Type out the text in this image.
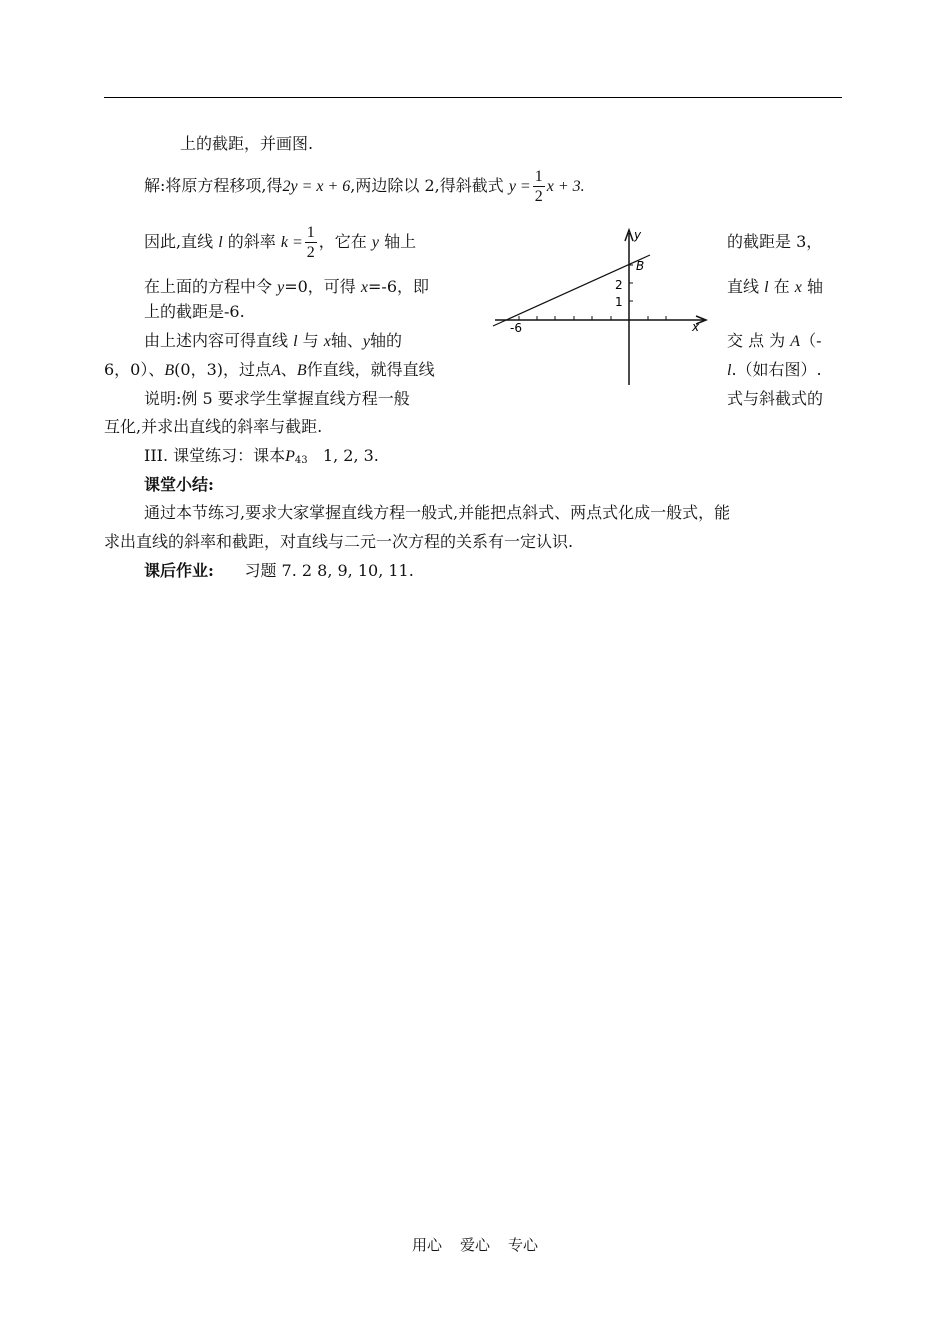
上的截距，并画图.
解:将原方程移项,得2y = x + 6,两边除以 2,得斜截式 $y = \frac{1}{2}$ x + 3.
因此,直线 l 的斜率 $k = \frac{1}{2}$ ，它在 y 轴上	的截距是 3，
在上面的方程中令 y=0，可得 x=-6，即	直线 l 在 x 轴
上的截距是-6.
由上述内容可得直线 l 与 x轴、y轴的	交 点 为 A（-
6，0）、B(0，3)，过点A、B作直线，就得直线	l.（如右图）.
说明:例 5 要求学生掌握直线方程一般	式与斜截式的
互化,并求出直线的斜率与截距.
III. 课堂练习：课本$P_{43}$ 1, 2, 3.
课堂小结:
通过本节练习,要求大家掌握直线方程一般式,并能把点斜式、两点式化成一般式，能
求出直线的斜率和截距，对直线与二元一次方程的关系有一定认识.
课后作业: 习题 7. 2 8, 9, 10, 11.
y
x
B
2
1
-6
用心 爱心 专心
